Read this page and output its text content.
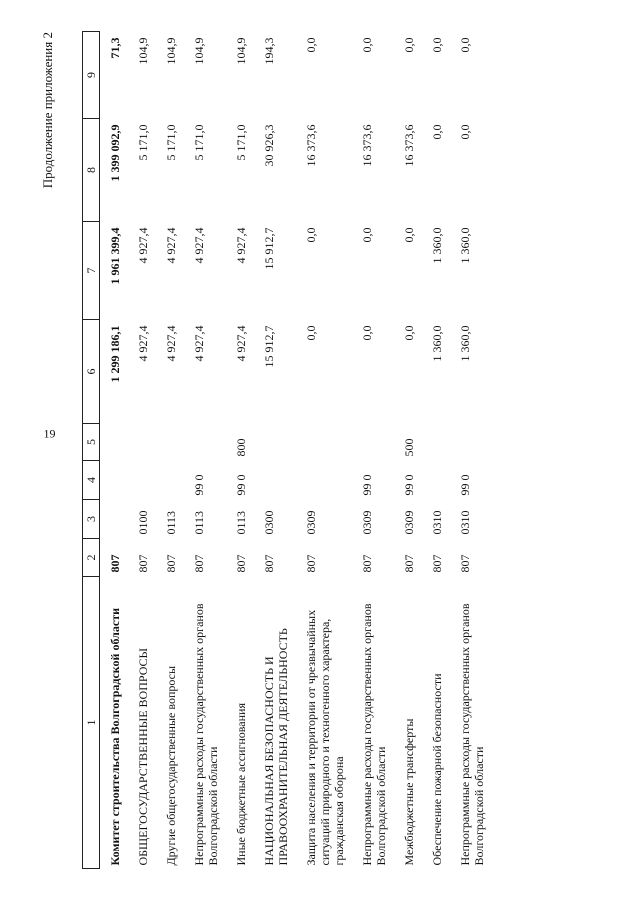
19
Продолжение приложения 2
1	2	3	4	5	6	7	8	9
Комитет строительства Волгоградской области	807				1 299 186,1	1 961 399,4	1 399 092,9	71,3
ОБЩЕГОСУДАРСТВЕННЫЕ ВОПРОСЫ	807	0100			4 927,4	4 927,4	5 171,0	104,9
Другие общегосударственные вопросы	807	0113			4 927,4	4 927,4	5 171,0	104,9
Непрограммные расходы государственных органов Волгоградской области	807	0113	99 0		4 927,4	4 927,4	5 171,0	104,9
Иные бюджетные ассигнования	807	0113	99 0	800	4 927,4	4 927,4	5 171,0	104,9
НАЦИОНАЛЬНАЯ БЕЗОПАСНОСТЬ И ПРАВООХРАНИТЕЛЬНАЯ ДЕЯТЕЛЬНОСТЬ	807	0300			15 912,7	15 912,7	30 926,3	194,3
Защита населения и территории от чрезвычайных ситуаций природного и техногенного характера, гражданская оборона	807	0309			0,0	0,0	16 373,6	0,0
Непрограммные расходы государственных органов Волгоградской области	807	0309	99 0		0,0	0,0	16 373,6	0,0
Межбюджетные трансферты	807	0309	99 0	500	0,0	0,0	16 373,6	0,0
Обеспечение пожарной безопасности	807	0310			1 360,0	1 360,0	0,0	0,0
Непрограммные расходы государственных органов Волгоградской области	807	0310	99 0		1 360,0	1 360,0	0,0	0,0
